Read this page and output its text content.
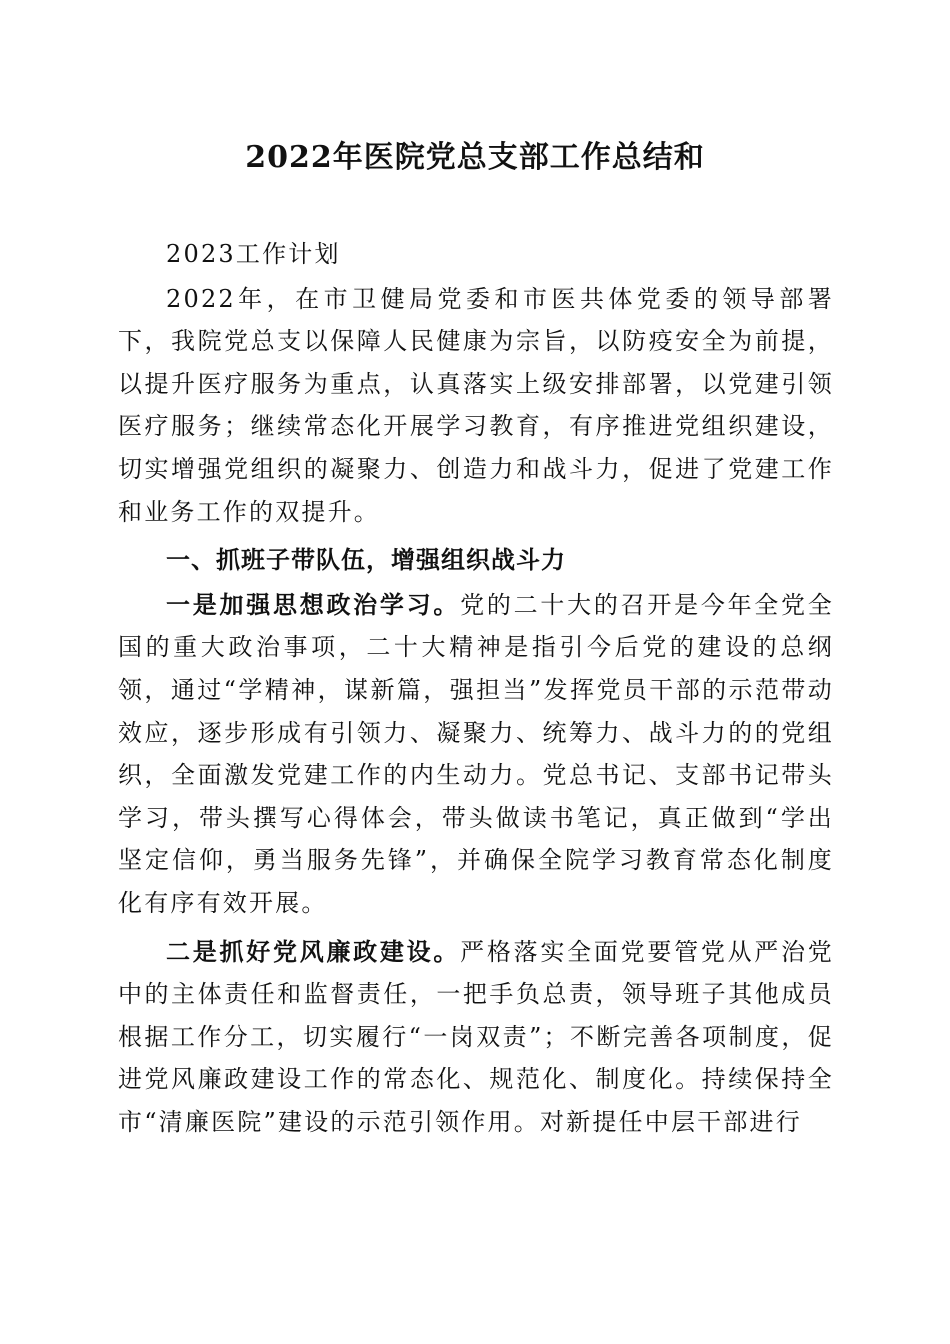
2022年医院党总支部工作总结和

2023工作计划

2022年，在市卫健局党委和市医共体党委的领导部署下，我院党总支以保障人民健康为宗旨，以防疫安全为前提，以提升医疗服务为重点，认真落实上级安排部署，以党建引领医疗服务；继续常态化开展学习教育，有序推进党组织建设，切实增强党组织的凝聚力、创造力和战斗力，促进了党建工作和业务工作的双提升。

一、抓班子带队伍，增强组织战斗力

一是加强思想政治学习。党的二十大的召开是今年全党全国的重大政治事项，二十大精神是指引今后党的建设的总纲领，通过“学精神，谋新篇，强担当”发挥党员干部的示范带动效应，逐步形成有引领力、凝聚力、统筹力、战斗力的的党组织，全面激发党建工作的内生动力。党总书记、支部书记带头学习，带头撰写心得体会，带头做读书笔记，真正做到“学出坚定信仰，勇当服务先锋”，并确保全院学习教育常态化制度化有序有效开展。

二是抓好党风廉政建设。严格落实全面党要管党从严治党中的主体责任和监督责任，一把手负总责，领导班子其他成员根据工作分工，切实履行“一岗双责”；不断完善各项制度，促进党风廉政建设工作的常态化、规范化、制度化。持续保持全市“清廉医院”建设的示范引领作用。对新提任中层干部进行
